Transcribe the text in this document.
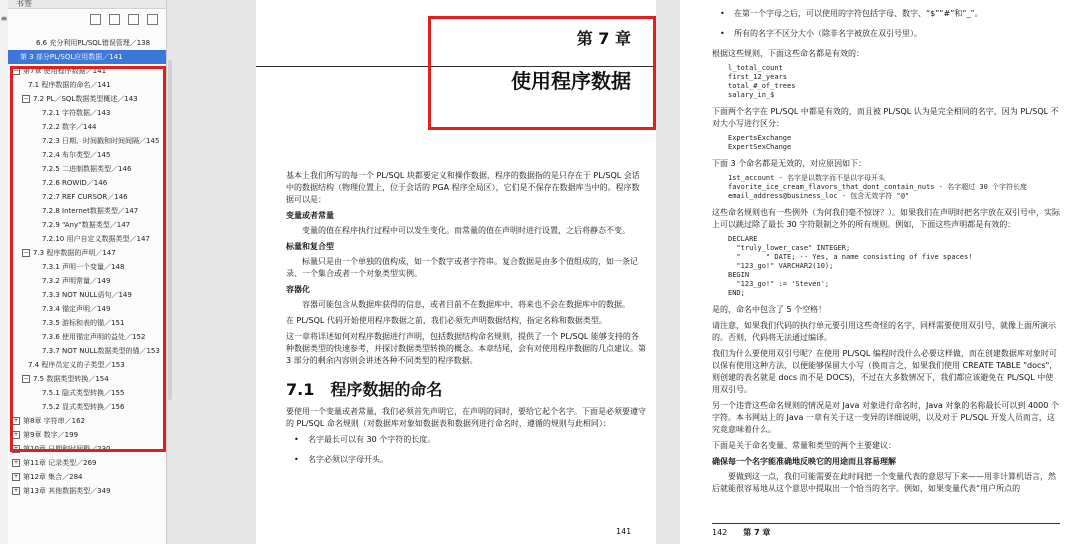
≡
书签
6.6 充分利用PL/SQL错误管理／138
第 3 部分PL/SQL应用数据／141
− 第7章 使用程序数据／141
7.1 程序数据的命名／141
− 7.2 PL／SQL数据类型概述／143
7.2.1 字符数据／143
7.2.2 数字／144
7.2.3 日期、时间戳和时间间隔／145
7.2.4 布尔类型／145
7.2.5 二进制数据类型／146
7.2.6 ROWID／146
7.2.7 REF CURSOR／146
7.2.8 Internet数据类型／147
7.2.9 “Any”数据类型／147
7.2.10 用户自定义数据类型／147
− 7.3 程序数据的声明／147
7.3.1 声明一个变量／148
7.3.2 声明常量／149
7.3.3 NOT NULL语句／149
7.3.4 锚定声明／149
7.3.5 游标和表的锚／151
7.3.6 使用锚定声明的益处／152
7.3.7 NOT NULL数据类型的锚／153
7.4 程序员定义的子类型／153
− 7.5 数据类型转换／154
7.5.1 隐式类型转换／155
7.5.2 显式类型转换／156
+ 第8章 字符串／162
+ 第9章 数字／199
+ 第10章 日期和时间戳／230
+ 第11章 记录类型／269
+ 第12章 集合／284
+ 第13章 其他数据类型／349
第 7 章
使用程序数据

基本上我们所写的每一个 PL/SQL 块都要定义和操作数据，程序的数据指的是只存在于 PL/SQL 会话中的数据结构（物理位置上，位于会话的 PGA 程序全局区），它们是不保存在数据库当中的。程序数据可以是：

变量或者常量

变量的值在程序执行过程中可以发生变化。而常量的值在声明时进行设置，之后将静态不变。

标量和复合型

标量只是由一个单独的值构成，如一个数字或者字符串。复合数据是由多个值组成的，如一条记录、一个集合或者一个对象类型实例。

容器化

容器可能包含从数据库获得的信息，或者目前不在数据库中、将来也不会在数据库中的数据。

在 PL/SQL 代码开始使用程序数据之前，我们必须先声明数据结构，指定名称和数据类型。

这一章将详述如何对程序数据进行声明，包括数据结构命名规则，提供了一个 PL/SQL 能够支持的各种数据类型的快速参考，并探讨数据类型转换的概念。本章结尾，会有对使用程序数据的几点建议。第 3 部分的剩余内容则会讲述各种不同类型的程序数据。

7.1　程序数据的命名

要使用一个变量或者常量，我们必须首先声明它，在声明的同时，要给它起个名字。下面是必须要遵守的 PL/SQL 命名规则（对数据库对象如数据表和数据列进行命名时，遵循的规则与此相同）：

• 名字最长可以有 30 个字符的长度。
• 名字必须以字母开头。
141
• 在第一个字母之后，可以使用的字符包括字母、数字、“$”“#”和“_”。
• 所有的名字不区分大小（除非名字被放在双引号里）。

根据这些规则，下面这些命名都是有效的：

l_total_count
first_12_years
total_#_of_trees
salary_in_$

下面两个名字在 PL/SQL 中都是有效的，而且被 PL/SQL 认为是完全相同的名字，因为 PL/SQL 不对大小写进行区分：

ExpertsExchange
ExpertSexChange

下面 3 个命名都是无效的，对应原因如下：

1st_account - 名字是以数字而不是以字母开头
favorite_ice_cream_flavors_that_dont_contain_nuts - 名字超过 30 个字符长度
email_address@business_loc - 包含无效字符 "@"

这些命名规则也有一些例外（为何我们毫不惊讶？）。如果我们在声明时把名字放在双引号中，实际上可以跳过除了最长 30 字符限制之外的所有规则。例如，下面这些声明都是有效的：

DECLARE
"truly_lower_case" INTEGER;
"      " DATE; -- Yes, a name consisting of five spaces!
"123_go!" VARCHAR2(10);
BEGIN
"123_go!" := 'Steven';
END;

是的，命名中包含了 5 个空格！

请注意，如果我们代码的执行单元要引用这些奇怪的名字，同样需要使用双引号，就像上面所演示的。否则，代码将无法通过编译。

我们为什么要使用双引号呢？在使用 PL/SQL 编程时没什么必要这样做，而在创建数据库对象时可以保有使用这种方法，以便能够保留大小写（换而言之，如果我们使用 CREATE TABLE "docs"，则创建的表名就是 docs 而不是 DOCS)，不过在大多数情况下，我们都应该避免在 PL/SQL 中使用双引号。

另一个违背这些命名规则的情况是对 Java 对象进行命名时，Java 对象的名称最长可以到 4000 个字符。本书网站上的 Java 一章有关于这一变异的详细说明，以及对于 PL/SQL 开发人员而言，这究竟意味着什么。

下面是关于命名变量、常量和类型的两个主要建议：

确保每一个名字能准确地反映它的用途而且容易理解

要做到这一点，我们可能需要在此时间把一个变量代表的意思写下来——用非计算机语言，然后就能很容易地从这个意思中提取出一个恰当的名字。例如，如果变量代表“用户所点的

142 第 7 章
